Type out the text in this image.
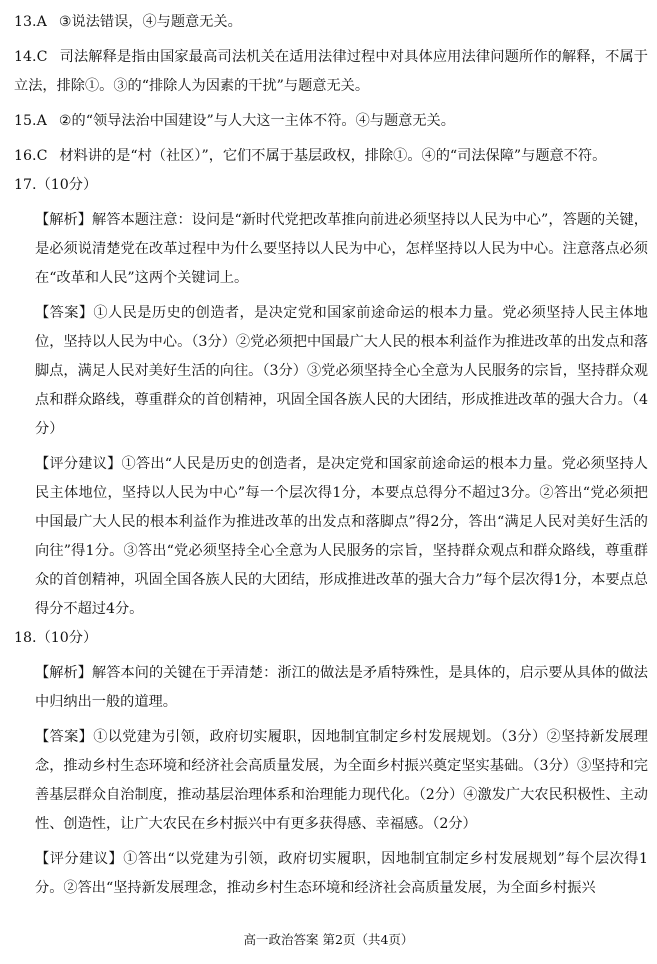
13.A ③说法错误，④与题意无关。

14.C 司法解释是指由国家最高司法机关在适用法律过程中对具体应用法律问题所作的解释，不属于立法，排除①。③的“排除人为因素的干扰”与题意无关。

15.A ②的“领导法治中国建设”与人大这一主体不符。④与题意无关。

16.C 材料讲的是“村（社区）”，它们不属于基层政权，排除①。④的“司法保障”与题意不符。

17.（10分）

【解析】解答本题注意：设问是“新时代党把改革推向前进必须坚持以人民为中心”，答题的关键，是必须说清楚党在改革过程中为什么要坚持以人民为中心，怎样坚持以人民为中心。注意落点必须在“改革和人民”这两个关键词上。

【答案】①人民是历史的创造者，是决定党和国家前途命运的根本力量。党必须坚持人民主体地位，坚持以人民为中心。（3分）②党必须把中国最广大人民的根本利益作为推进改革的出发点和落脚点，满足人民对美好生活的向往。（3分）③党必须坚持全心全意为人民服务的宗旨，坚持群众观点和群众路线，尊重群众的首创精神，巩固全国各族人民的大团结，形成推进改革的强大合力。（4分）

【评分建议】①答出“人民是历史的创造者，是决定党和国家前途命运的根本力量。党必须坚持人民主体地位，坚持以人民为中心”每一个层次得1分，本要点总得分不超过3分。②答出“党必须把中国最广大人民的根本利益作为推进改革的出发点和落脚点”得2分，答出“满足人民对美好生活的向往”得1分。③答出“党必须坚持全心全意为人民服务的宗旨，坚持群众观点和群众路线，尊重群众的首创精神，巩固全国各族人民的大团结，形成推进改革的强大合力”每个层次得1分，本要点总得分不超过4分。

18.（10分）

【解析】解答本问的关键在于弄清楚：浙江的做法是矛盾特殊性，是具体的，启示要从具体的做法中归纳出一般的道理。

【答案】①以党建为引领，政府切实履职，因地制宜制定乡村发展规划。（3分）②坚持新发展理念，推动乡村生态环境和经济社会高质量发展，为全面乡村振兴奠定坚实基础。（3分）③坚持和完善基层群众自治制度，推动基层治理体系和治理能力现代化。（2分）④激发广大农民积极性、主动性、创造性，让广大农民在乡村振兴中有更多获得感、幸福感。（2分）

【评分建议】①答出“以党建为引领，政府切实履职，因地制宜制定乡村发展规划”每个层次得1分。②答出“坚持新发展理念，推动乡村生态环境和经济社会高质量发展，为全面乡村振兴

高一政治答案 第2页（共4页）
